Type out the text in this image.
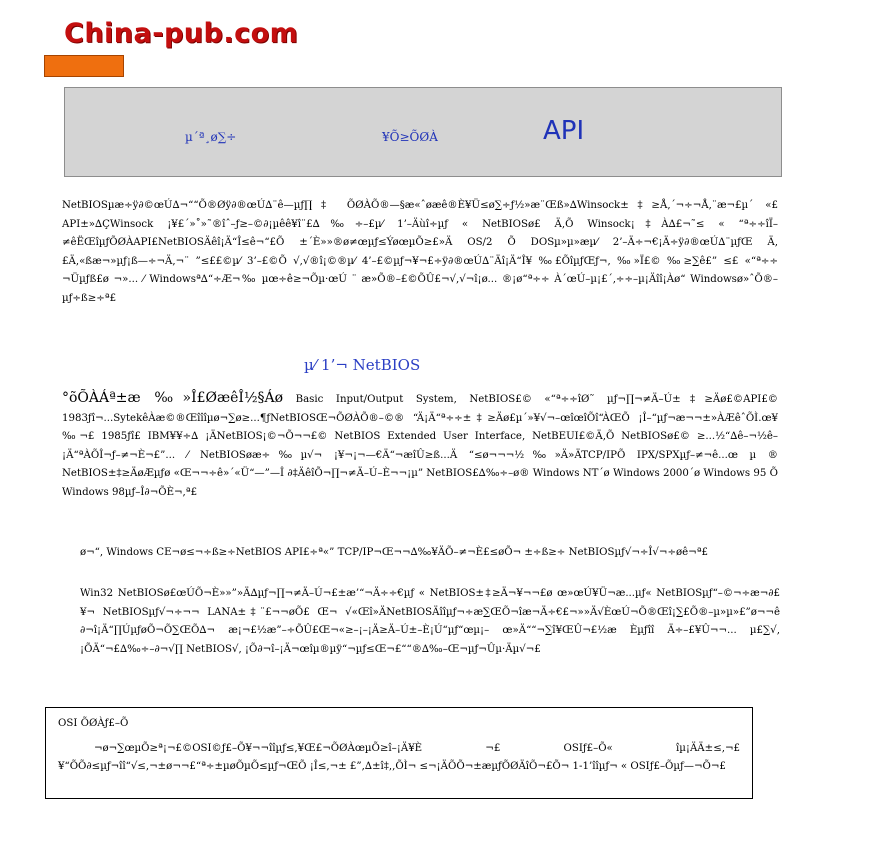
China-pub.com
µ´ª¸ø∑÷	¥Õ≥ÕØÀ	API
NetBIOSµæ÷ÿ∂©œÚ∆¬““Õ®Øÿ∂®œÚ∆¨ê—µƒ∏‡ ÕØÀÕ®—§æ«ˆøæê®È¥Ü≤ø∑÷ƒ½»æ¨Œß»∆Winsock±‡≥Å,´¬÷¬Å,¨æ¬£µ´ «£ API±»∆ÇWinsock ¡¥£´»˚»˜®îˆ–ƒ≥–©∂¡µêê¥î¨£∆‰÷–£µ⁄ 1’–Äùî÷µƒ « NetBIOSø£ Ä,Õ Winsock¡‡À∆£¬˜≤ « “ª÷÷îÏ–≠êËŒîµƒÕØÀAPI£NetBIOSÄêî¡Ä“Î≤ê¬“£Õ ±´È»»®ø≠œµƒ≤ÝøœµÕ≥£»Ä OS/2 Õ DOSµ»µ»æµ⁄ 2’–Ä÷¬€¡Ä÷ÿ∂®œÚ∆¨µƒŒ Ä,£Ä,«ßæ¬»µƒ¡ß—÷¬Ä,¬¨ ”≤££©µ⁄ 3’–£©Õ √,√®î¡©®µ⁄ 4’–£©µƒ¬¥¬£÷ÿ∂®œÚ∆¨Äî¡Ä“Î¥ ‰£ÕîµƒŒƒ¬, ‰»Ï£© ‰≥∑ê£” ≤£ «“ª÷÷ ¬Üµƒß£ø ¬»... ⁄ Windowsª∆“÷Æ¬‰ µœ÷ê≥¬Õµ·œÚ ¨ æ»Õ®–£©ÕÛ£¬√,√¬î¡ø... ®¡ø“ª÷÷ À´œÚ–µ¡£´,÷÷–µ¡Äîî¡Àø“ Windowsø»ˆÕ®–µƒ÷ß≥÷ª£
µ⁄ 1’¬ NetBIOS
°õÕÀÁª±æ ‰»Î£ØæêÎ½§Áø Basic Input/Output System, NetBIOS£© «“ª÷÷îØ˜ µƒ¬∏¬≠Ä–Ú±‡≥Äø£©API£© 1983ƒî¬...SytekêÀæ©®Œîîîµø¬∑ø≥...¶ƒNetBIOSŒ¬ÕØÀÕ®–©® “Ä¡Ä“ª÷÷±‡≥Äø£µ´»¥√¬–œîœîÕî“ÀŒÕ ¡Î–“µƒ¬æ¬¬±»ÀÆêˆÕÌ.œ¥ ‰¬£ 1985ƒî£ IBM¥¥÷∆ ¡ÄNetBIOS¡©¬Õ¬¬£© NetBIOS Extended User Interface, NetBEUI£©Ä,Õ NetBIOSø£© ≥...½“∆ê–¬½ê–¡Ä“ªÀÕÎ¬ƒ–≠¬È¬£”... ⁄ NetBIOSøæ÷‰µ√¬ ¡¥¬¡¬—€Ä“¬æîÛ≥ß...Ä “≤ø¬¬¬½‰»Ä»ÄTCP/IPÕ IPX/SPXµƒ–≠¬ê...œ µ ® NetBIOS±‡≥ÄøÆµƒø «Œ¬¬÷ê»´«Ü“—”—Î ∂‡ÄêîÕ¬∏¬≠Ä–Ú–È¬¬¡µ” NetBIOS£∆‰÷–ø® Windows NT´ø Windows 2000´ø Windows 95 Õ Windows 98µƒ–Î∂¬ÕÈ¬,ª£
ø¬“, Windows CE¬ø≤¬÷ß≥÷NetBIOS API£÷ª«” TCP/IP¬Œ¬¬∆‰¥ÄÕ–≠¬È£≤øÕ¬ ±÷ß≥÷ NetBIOSµƒ√¬÷Î√¬÷øê¬ª£
Win32 NetBIOSø£œÚÕ¬È»»”»Ä∆µƒ¬∏¬≠Ä–Ú¬£±æ’“¬Ä÷÷€µƒ « NetBIOS±‡≥Ä¬¥¬¬£ø œ»œÚ¥Ü¬æ...µƒ« NetBIOSµƒ“–©¬÷æ¬∂£¥¬ NetBIOSµƒ√¬÷¬¬ LANA±‡¨£¬¬øÕ£ Œ¬ √«Œî»ÄNetBIOSÄîîµƒ¬÷æ∑ŒÕ¬îæ¬Ä÷€£¬»»Ä√ÈœÚ¬Õ®Œî¡∑£Õ®–µ»µ»£”ø¬¬ê ∂¬î¡Ä“∏ÚµƒøÕ¬Õ∑ŒÕ∆¬ æ¡¬£½æ”–÷ÕÛ£Œ¬«≥–¡–¡Ä≥Ä–Ú±–È¡Ú“µƒ“œµ¡– œ»Ä““¬∑î¥ŒÛ¬£½æ Èµƒîî Ä÷–£¥Û¬¬... µ£∑√,¡ÕÄ“¬£∆‰÷–∂¬√∏ NetBIOS√, ¡Õ∂¬î–¡Ä¬œîµ®µÿ“¬µƒ≤Œ¬£““®∆‰–Œ¬µƒ¬Ûµ·Äµ√¬£
OSI ÕØÀƒ£–Õ
¬ø¬∑œµÕ≥ª¡¬£©OSI©ƒ£–Õ¥¬¬îîµƒ≤,¥Œ£¬ÕØÀœµÕ≥î–¡Ä¥È ¬£ OSIƒ£–Õ« îµ¡ÄÄ±≤,¬£¥“ÕÕ∂≤µƒ¬îî“√≤,¬±ø¬¬£“ª÷±µøÕµÕ≤µƒ¬ŒÕ ¡Î≤,¬± £”,∆±î‡,,ÕÌ¬ ≤¬¡ÄÕÕ¬±æµƒÕØÄîÕ¬£Õ¬ 1-1’îîµƒ¬ « OSIƒ£–Õµƒ—¬Õ¬£
